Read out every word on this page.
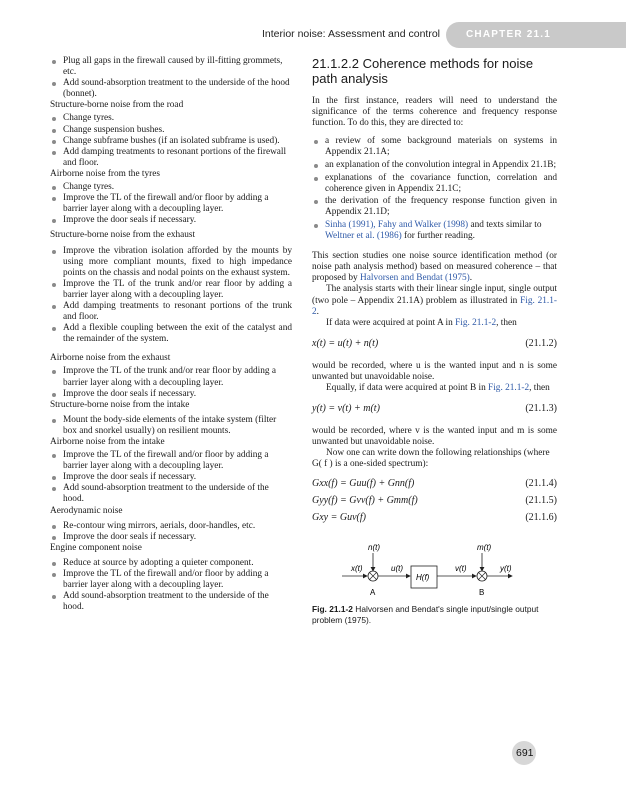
Interior noise: Assessment and control	CHAPTER 21.1
Plug all gaps in the firewall caused by ill-fitting grommets, etc.
Add sound-absorption treatment to the underside of the hood (bonnet).
Structure-borne noise from the road
Change tyres.
Change suspension bushes.
Change subframe bushes (if an isolated subframe is used).
Add damping treatments to resonant portions of the firewall and floor.
Airborne noise from the tyres
Change tyres.
Improve the TL of the firewall and/or floor by adding a barrier layer along with a decoupling layer.
Improve the door seals if necessary.
Structure-borne noise from the exhaust
Improve the vibration isolation afforded by the mounts by using more compliant mounts, fixed to high impedance points on the chassis and nodal points on the exhaust system.
Improve the TL of the trunk and/or rear floor by adding a barrier layer along with a decoupling layer.
Add damping treatments to resonant portions of the trunk and floor.
Add a flexible coupling between the exit of the catalyst and the remainder of the system.
Airborne noise from the exhaust
Improve the TL of the trunk and/or rear floor by adding a barrier layer along with a decoupling layer.
Improve the door seals if necessary.
Structure-borne noise from the intake
Mount the body-side elements of the intake system (filter box and snorkel usually) on resilient mounts.
Airborne noise from the intake
Improve the TL of the firewall and/or floor by adding a barrier layer along with a decoupling layer.
Improve the door seals if necessary.
Add sound-absorption treatment to the underside of the hood.
Aerodynamic noise
Re-contour wing mirrors, aerials, door-handles, etc.
Improve the door seals if necessary.
Engine component noise
Reduce at source by adopting a quieter component.
Improve the TL of the firewall and/or floor by adding a barrier layer along with a decoupling layer.
Add sound-absorption treatment to the underside of the hood.
21.1.2.2 Coherence methods for noise path analysis

In the first instance, readers will need to understand the significance of the terms coherence and frequency response function. To do this, they are directed to:

a review of some background materials on systems in Appendix 21.1A;
an explanation of the convolution integral in Appendix 21.1B;
explanations of the covariance function, correlation and coherence given in Appendix 21.1C;
the derivation of the frequency response function given in Appendix 21.1D;
Sinha (1991), Fahy and Walker (1998) and texts similar to Weltner et al. (1986) for further reading.

This section studies one noise source identification method (or noise path analysis method) based on measured coherence – that proposed by Halvorsen and Bendat (1975).

The analysis starts with their linear single input, single output (two pole – Appendix 21.1A) problem as illustrated in Fig. 21.1-2.

If data were acquired at point A in Fig. 21.1-2, then

x(t) = u(t) + n(t)	(21.1.2)

would be recorded, where u is the wanted input and n is some unwanted but unavoidable noise.

Equally, if data were acquired at point B in Fig. 21.1-2, then

y(t) = v(t) + m(t)	(21.1.3)

would be recorded, where v is the wanted input and m is some unwanted but unavoidable noise.

Now one can write down the following relationships (where G( f ) is a one-sided spectrum):

Gxx(f) = Guu(f) + Gnn(f)	(21.1.4)
Gyy(f) = Gvv(f) + Gmm(f)	(21.1.5)
Gxy = Guv(f)	(21.1.6)
n(t)	m(t)
x(t)	u(t)
H(f)
v(t)	y(t)
A	B
Fig. 21.1-2 Halvorsen and Bendat's single input/single output problem (1975).
691
